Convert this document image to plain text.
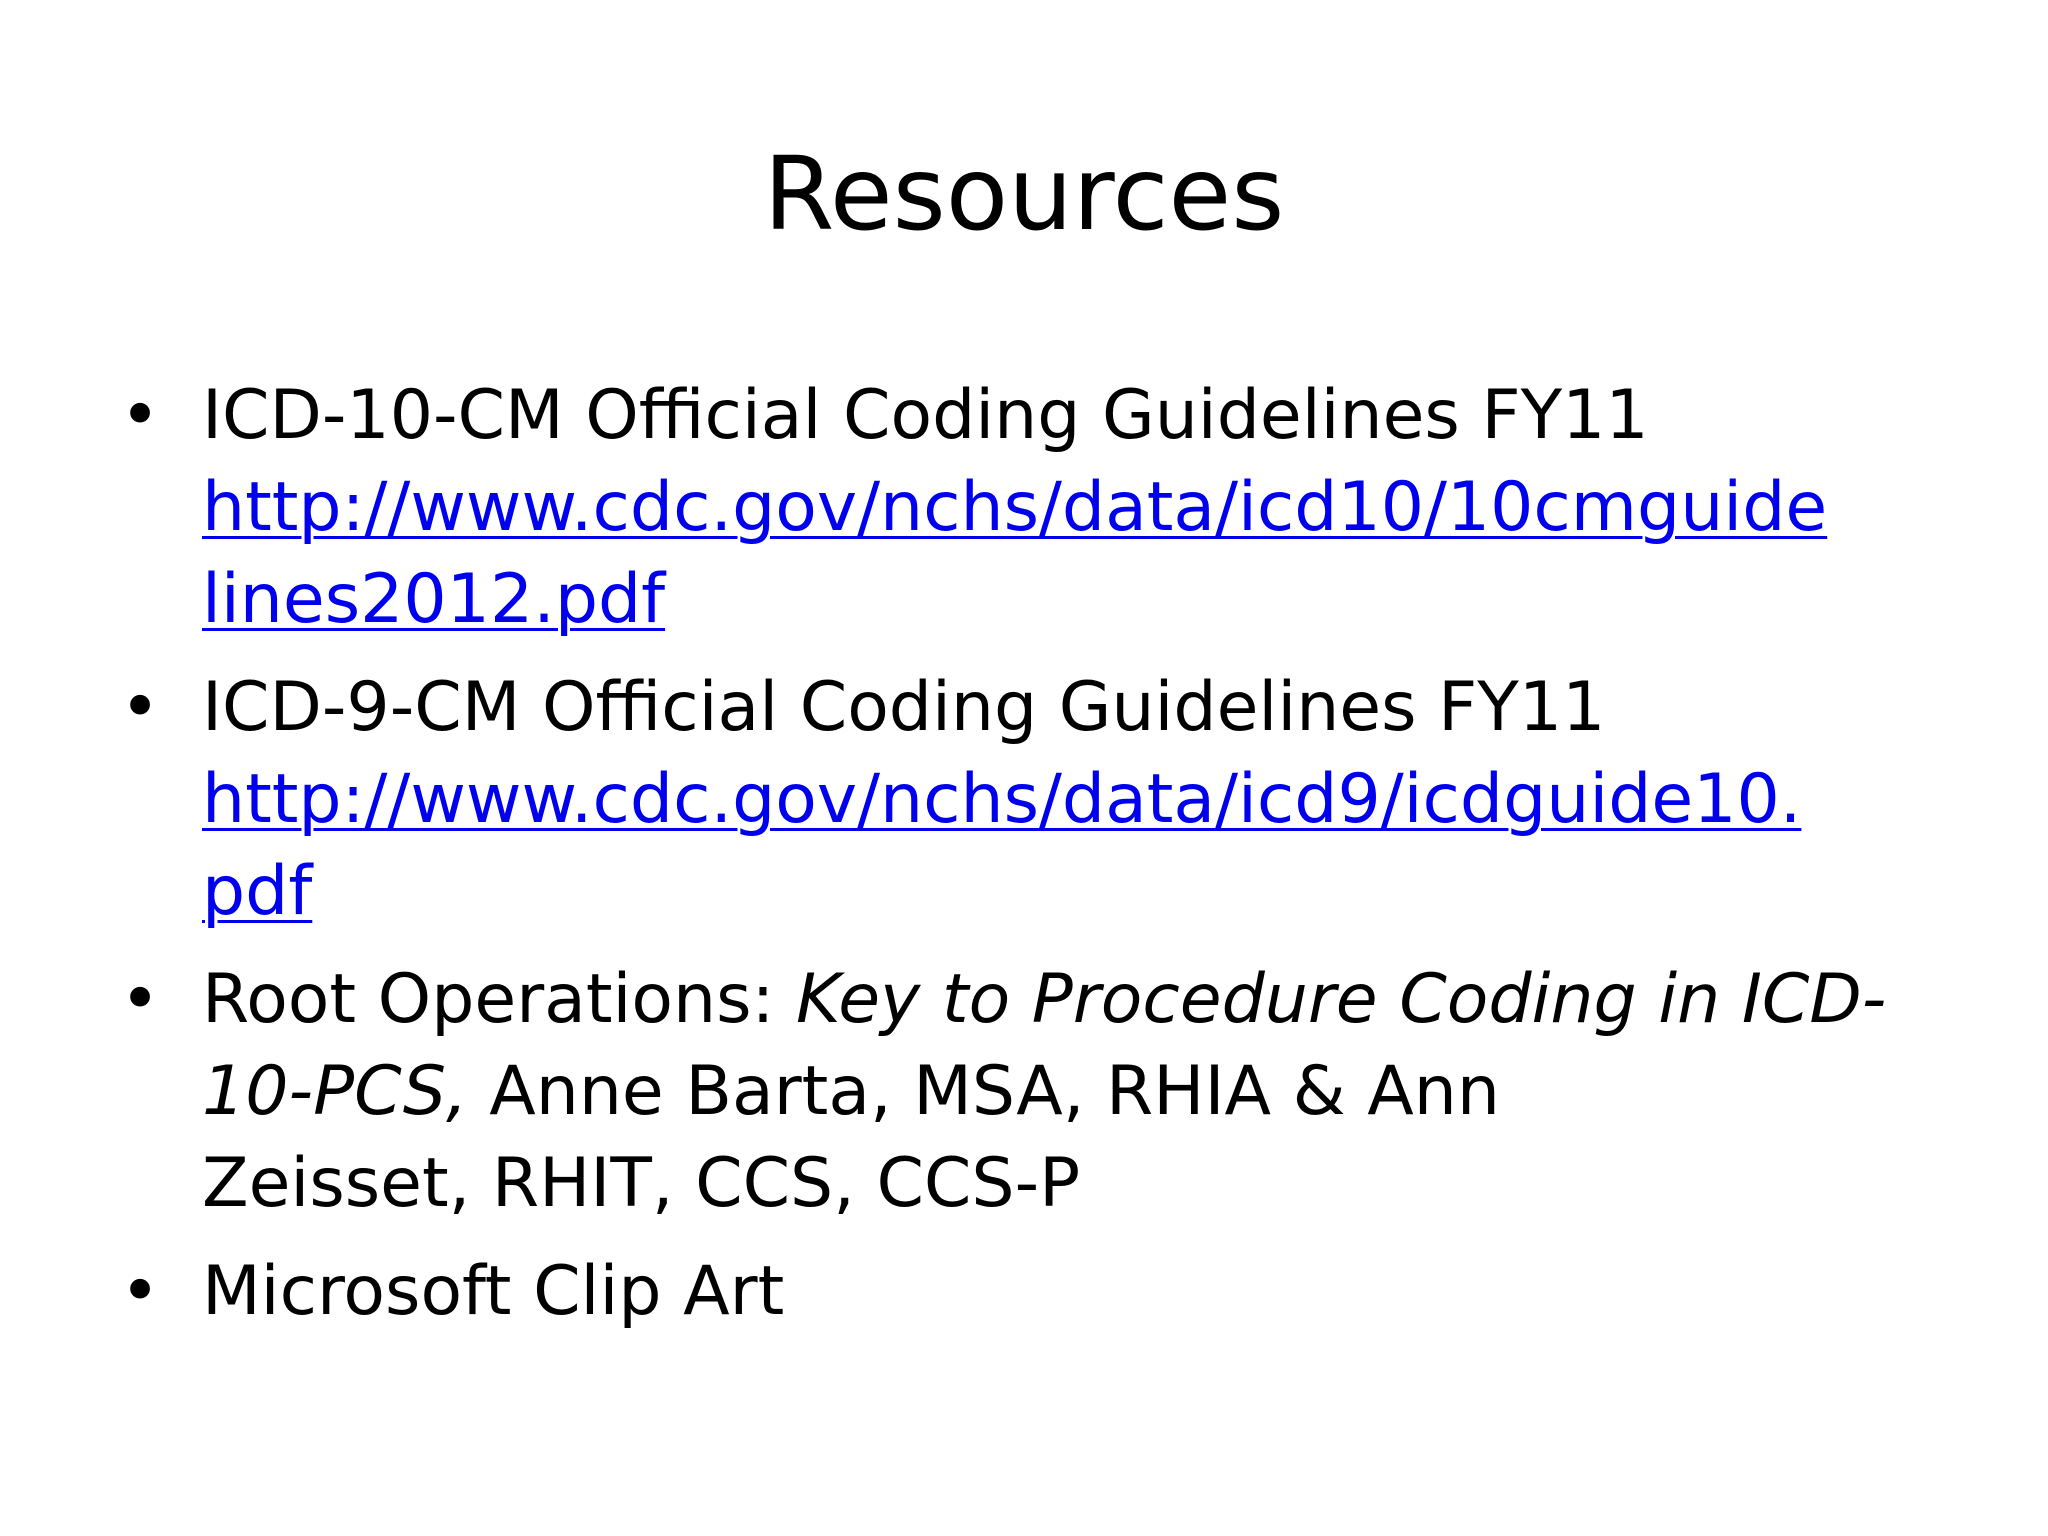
Resources
• ICD-10-CM Official Coding Guidelines FY11
http://www.cdc.gov/nchs/data/icd10/10cmguide
lines2012.pdf
• ICD-9-CM Official Coding Guidelines FY11
http://www.cdc.gov/nchs/data/icd9/icdguide10.
pdf
• Root Operations: Key to Procedure Coding in ICD-
10-PCS, Anne Barta, MSA, RHIA & Ann
Zeisset, RHIT, CCS, CCS-P
• Microsoft Clip Art
